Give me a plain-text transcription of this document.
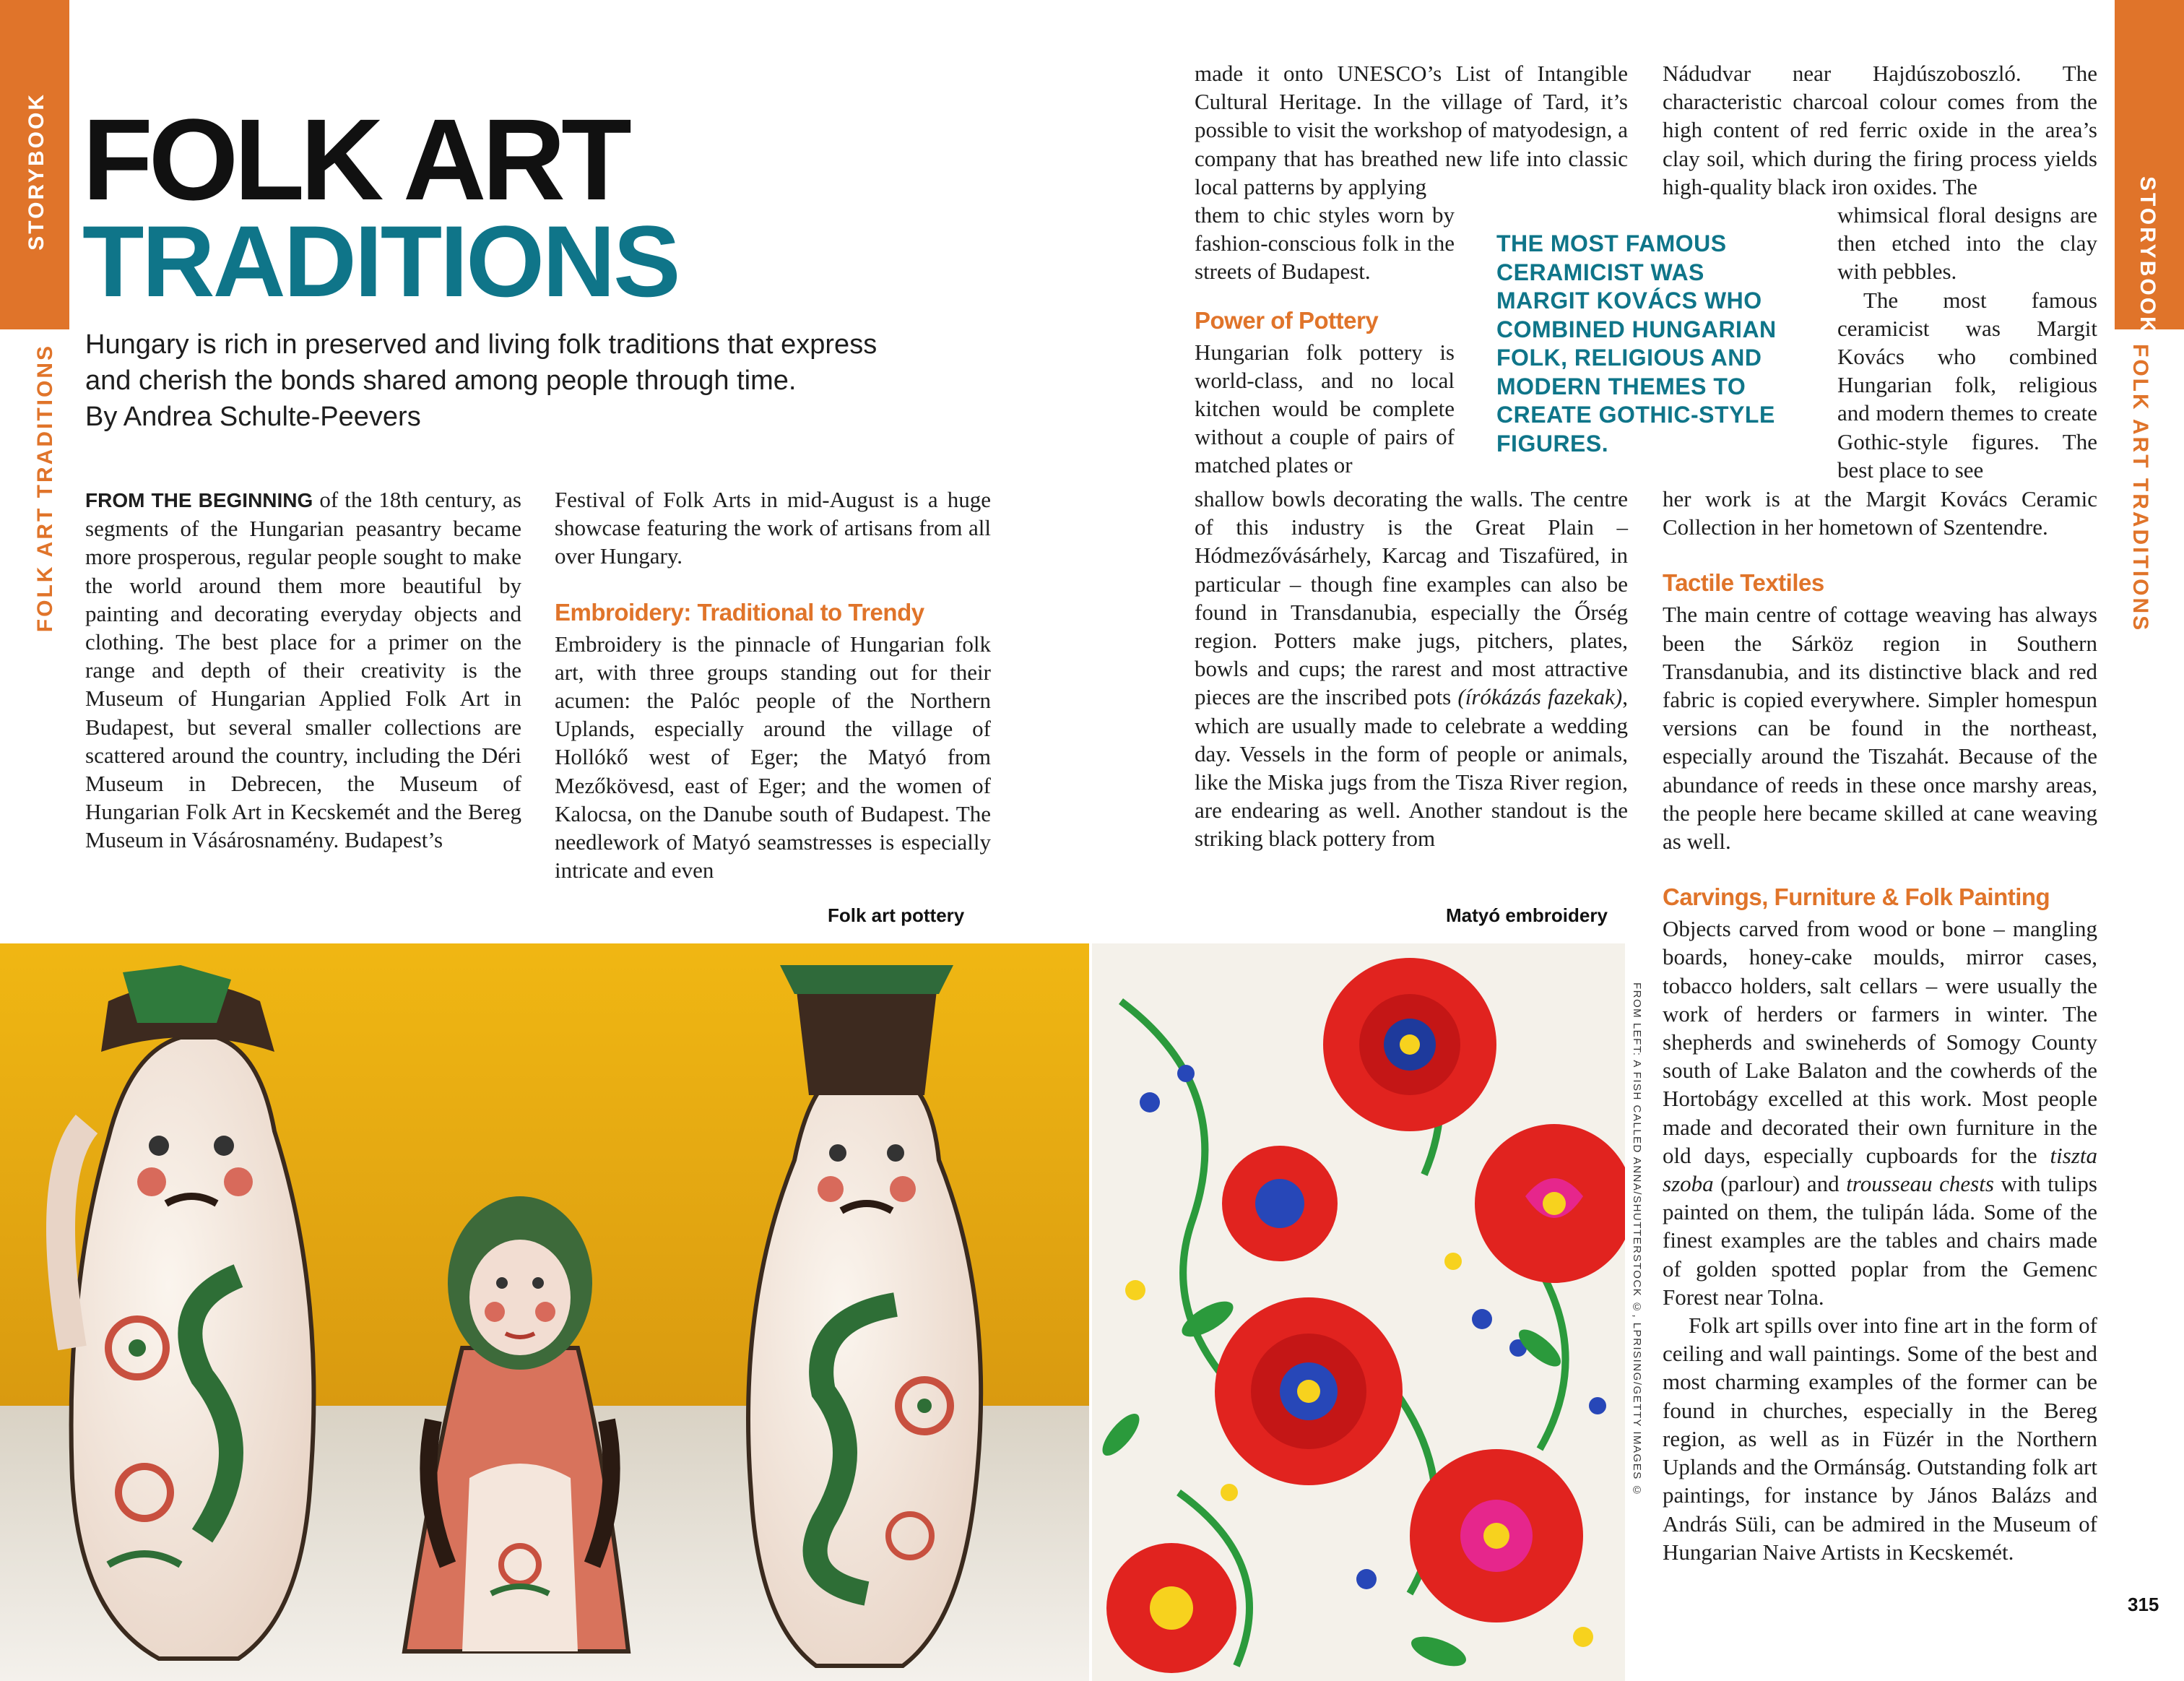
STORYBOOK
FOLK ART TRADITIONS
STORYBOOK
FOLK ART TRADITIONS
FOLK ART
TRADITIONS
Hungary is rich in preserved and living folk traditions that express
and cherish the bonds shared among people through time.
By Andrea Schulte-Peevers

FROM THE BEGINNING of the 18th century, as segments of the Hungarian peasantry became more prosperous, regular people sought to make the world around them more beautiful by painting and decorating everyday objects and clothing. The best place for a primer on the range and depth of their creativity is the Museum of Hungarian Applied Folk Art in Budapest, but several smaller collections are scattered around the country, including the Déri Museum in Debrecen, the Museum of Hungarian Folk Art in Kecskemét and the Bereg Museum in Vásárosnamény. Budapest’s

Festival of Folk Arts in mid-August is a huge showcase featuring the work of artisans from all over Hungary.

Embroidery: Traditional to Trendy

Embroidery is the pinnacle of Hungarian folk art, with three groups standing out for their acumen: the Palóc people of the Northern Uplands, especially around the village of Hollókő west of Eger; the Matyó from Mezőkövesd, east of Eger; and the women of Kalocsa, on the Danube south of Budapest. The needlework of Matyó seamstresses is especially intricate and even

made it onto UNESCO’s List of Intangible Cultural Heritage. In the village of Tard, it’s possible to visit the workshop of matyodesign, a company that has breathed new life into classic local patterns by applying

them to chic styles worn by fashion-conscious folk in the streets of Budapest.

Power of Pottery

Hungarian folk pottery is world-class, and no local kitchen would be complete without a couple of pairs of matched plates or

shallow bowls decorating the walls. The centre of this industry is the Great Plain – Hódmezővásárhely, Karcag and Tiszafüred, in particular – though fine examples can also be found in Transdanubia, especially the Őrség region. Potters make jugs, pitchers, plates, bowls and cups; the rarest and most attractive pieces are the inscribed pots (írókázás fazekak), which are usually made to celebrate a wedding day. Vessels in the form of people or animals, like the Miska jugs from the Tisza River region, are endearing as well. Another standout is the striking black pottery from

THE MOST FAMOUS CERAMICIST WAS MARGIT KOVÁCS WHO COMBINED HUNGARIAN FOLK, RELIGIOUS AND MODERN THEMES TO CREATE GOTHIC-STYLE FIGURES.

Nádudvar near Hajdúszoboszló. The characteristic charcoal colour comes from the high content of red ferric oxide in the area’s clay soil, which during the firing process yields high-quality black iron oxides. The

whimsical floral designs are then etched into the clay with pebbles.

The most famous ceramicist was Margit Kovács who combined Hungarian folk, religious and modern themes to create Gothic-style figures. The best place to see

her work is at the Margit Kovács Ceramic Collection in her hometown of Szentendre.

Tactile Textiles

The main centre of cottage weaving has always been the Sárköz region in Southern Transdanubia, and its distinctive black and red fabric is copied everywhere. Simpler homespun versions can be found in the northeast, especially around the Tiszahát. Because of the abundance of reeds in these once marshy areas, the people here became skilled at cane weaving as well.

Carvings, Furniture & Folk Painting

Objects carved from wood or bone – mangling boards, honey-cake moulds, mirror cases, tobacco holders, salt cellars – were usually the work of herders or farmers in winter. The shepherds and swineherds of Somogy County south of Lake Balaton and the cowherds of the Hortobágy excelled at this work. Most people made and decorated their own furniture in the old days, especially cupboards for the tiszta szoba (parlour) and trousseau chests with tulips painted on them, the tulipán láda. Some of the finest examples are the tables and chairs made of golden spotted poplar from the Gemenc Forest near Tolna.

Folk art spills over into fine art in the form of ceiling and wall paintings. Some of the best and most charming examples of the former can be found in churches, especially in the Bereg region, as well as in Füzér in the Northern Uplands and the Ormánság. Outstanding folk art paintings, for instance by János Balázs and András Süli, can be admired in the Museum of Hungarian Naive Artists in Kecskemét.

Folk art pottery	Matyó embroidery
FROM LEFT: A FISH CALLED ANNA/SHUTTERSTOCK ©, LPRISING/GETTY IMAGES ©
315
